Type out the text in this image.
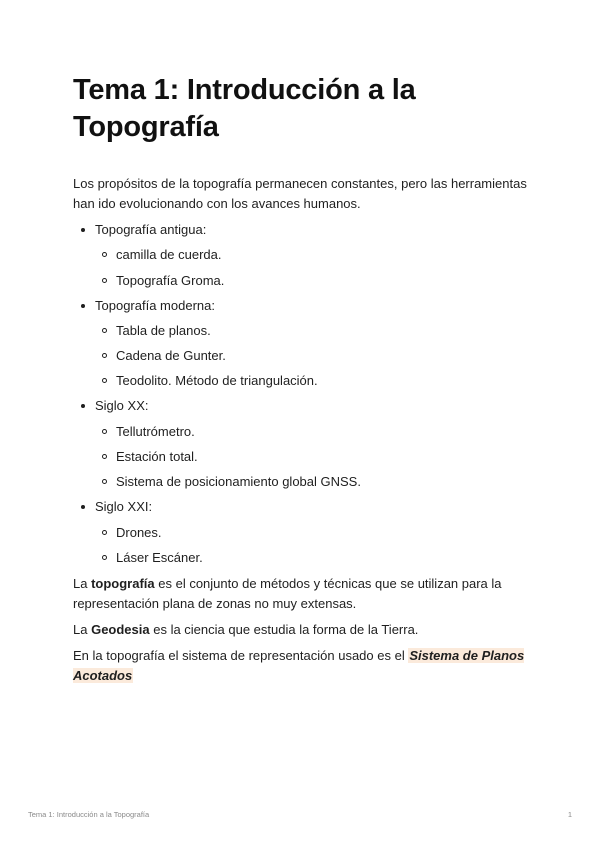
Tema 1: Introducción a la Topografía

Los propósitos de la topografía permanecen constantes, pero las herramientas han ido evolucionando con los avances humanos.

Topografía antigua:
camilla de cuerda.
Topografía Groma.
Topografía moderna:
Tabla de planos.
Cadena de Gunter.
Teodolito. Método de triangulación.
Siglo XX:
Tellutrómetro.
Estación total.
Sistema de posicionamiento global GNSS.
Siglo XXI:
Drones.
Láser Escáner.

La topografía es el conjunto de métodos y técnicas que se utilizan para la representación plana de zonas no muy extensas.

La Geodesia es la ciencia que estudia la forma de la Tierra.

En la topografía el sistema de representación usado es el Sistema de Planos Acotados

Tema 1: Introducción a la Topografía	1
